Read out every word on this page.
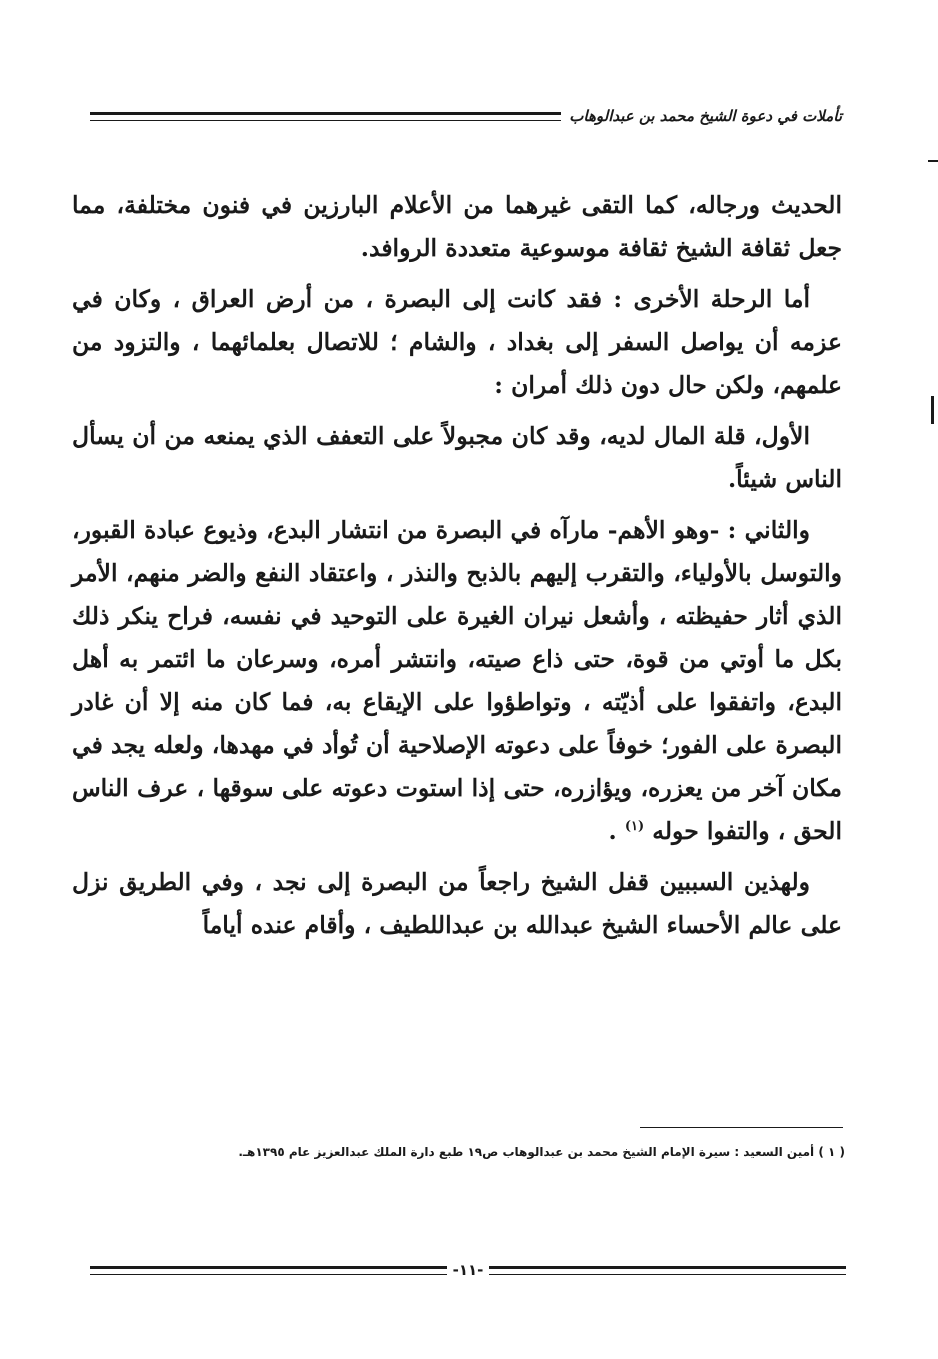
تأملات في دعوة الشيخ محمد بن عبدالوهاب

الحديث ورجاله، كما التقى غيرهما من الأعلام البارزين في فنون مختلفة، مما جعل ثقافة الشيخ ثقافة موسوعية متعددة الروافد.

أما الرحلة الأخرى : فقد كانت إلى البصرة ، من أرض العراق ، وكان في عزمه أن يواصل السفر إلى بغداد ، والشام ؛ للاتصال بعلمائهما ، والتزود من علمهم، ولكن حال دون ذلك أمران :

الأول، قلة المال لديه، وقد كان مجبولاً على التعفف الذي يمنعه من أن يسأل الناس شيئاً.

والثاني : -وهو الأهم- مارآه في البصرة من انتشار البدع، وذيوع عبادة القبور، والتوسل بالأولياء، والتقرب إليهم بالذبح والنذر ، واعتقاد النفع والضر منهم، الأمر الذي أثار حفيظته ، وأشعل نيران الغيرة على التوحيد في نفسه، فراح ينكر ذلك بكل ما أوتي من قوة، حتى ذاع صيته، وانتشر أمره، وسرعان ما ائتمر به أهل البدع، واتفقوا على أذيّته ، وتواطؤوا على الإيقاع به، فما كان منه إلا أن غادر البصرة على الفور؛ خوفاً على دعوته الإصلاحية أن تُوأد في مهدها، ولعله يجد في مكان آخر من يعزره، ويؤازره، حتى إذا استوت دعوته على سوقها ، عرف الناس الحق ، والتفوا حوله $^{(١)}$ .

ولهذين السببين قفل الشيخ راجعاً من البصرة إلى نجد ، وفي الطريق نزل على عالم الأحساء الشيخ عبدالله بن عبداللطيف ، وأقام عنده أياماً

( ١ ) أمين السعيد : سيرة الإمام الشيخ محمد بن عبدالوهاب ص١٩ طبع دارة الملك عبدالعزيز عام ١٣٩٥هـ.
-١١-
